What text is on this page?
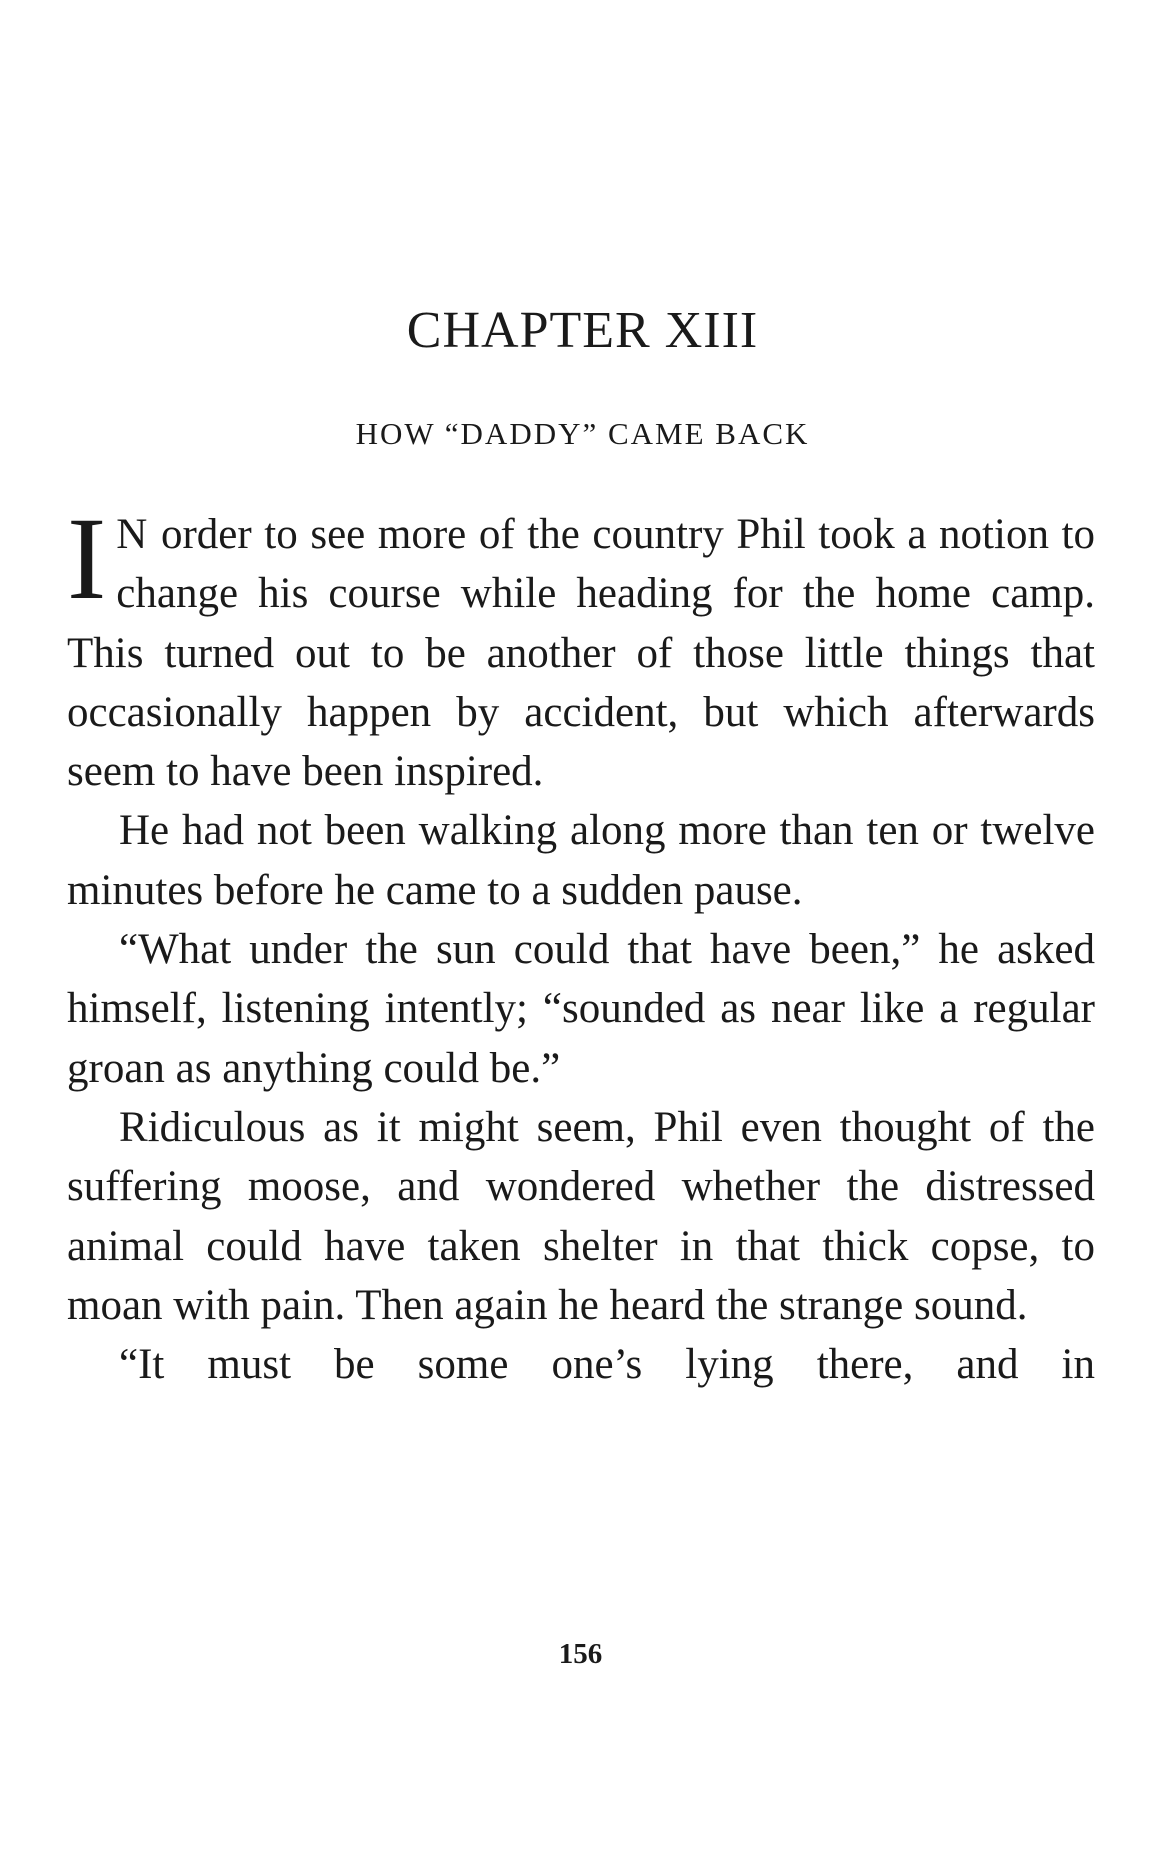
CHAPTER XIII
HOW “DADDY” CAME BACK

I N order to see more of the country Phil took a notion to change his course while heading for the home camp. This turned out to be another of those little things that occasionally happen by accident, but which afterwards seem to have been inspired.

He had not been walking along more than ten or twelve minutes before he came to a sudden pause.

“What under the sun could that have been,” he asked himself, listening intently; “sounded as near like a regular groan as anything could be.”

Ridiculous as it might seem, Phil even thought of the suffering moose, and wondered whether the distressed animal could have taken shelter in that thick copse, to moan with pain. Then again he heard the strange sound.

“It must be some one’s lying there, and in

156
